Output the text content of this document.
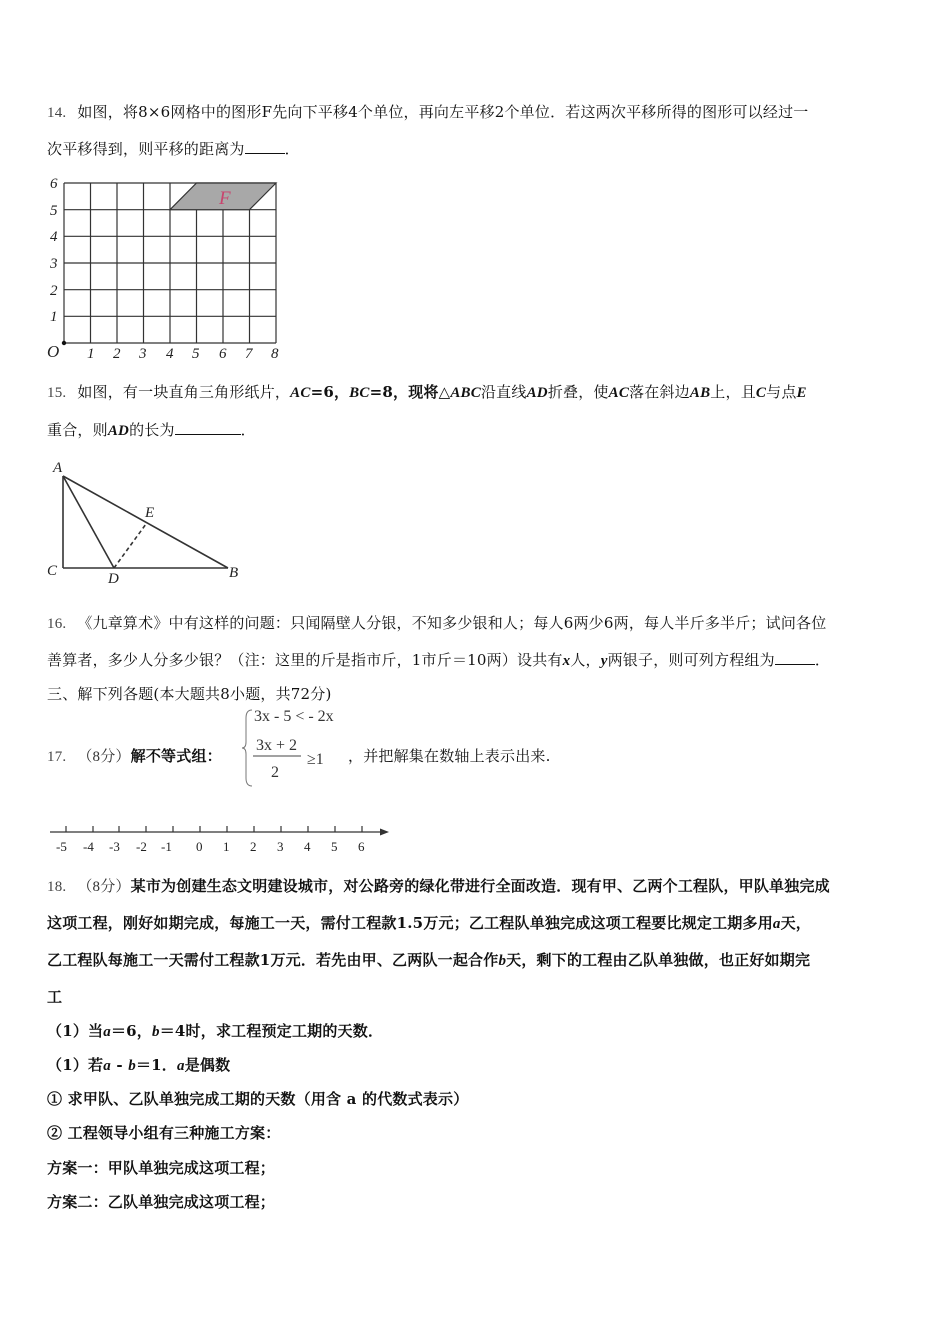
14. 如图，将8×6网格中的图形F先向下平移4个单位，再向左平移2个单位．若这两次平移所得的图形可以经过一
次平移得到，则平移的距离为	．
F
O 1 2 3 4 5 6 7 8
1
2
3
4
5
6
15. 如图，有一块直角三角形纸片，AC=6，BC=8，现将△ABC沿直线AD折叠，使AC落在斜边AB上，且C与点E
重合，则AD的长为	．
A
C	D	B
E
16. 《九章算术》中有这样的问题：只闻隔壁人分银，不知多少银和人；每人6两少6两，每人半斤多半斤；试问各位
善算者，多少人分多少银？（注：这里的斤是指市斤，1市斤＝10两）设共有x人，y两银子，则可列方程组为	．
三、解下列各题(本大题共8小题，共72分)
17. （8分）解不等式组：
3x - 5 < - 2x
3x + 2
2
≥1 ，并把解集在数轴上表示出来.
-5 -4 -3 -2 -1 0 1 2 3 4 5 6
18. （8分）某市为创建生态文明建设城市，对公路旁的绿化带进行全面改造．现有甲、乙两个工程队，甲队单独完成
这项工程，刚好如期完成，每施工一天，需付工程款1.5万元；乙工程队单独完成这项工程要比规定工期多用a天，
乙工程队每施工一天需付工程款1万元．若先由甲、乙两队一起合作b天，剩下的工程由乙队单独做，也正好如期完
工
（1）当a＝6，b＝4时，求工程预定工期的天数．
（1）若a - b＝1．a是偶数
① 求甲队、乙队单独完成工期的天数（用含 a 的代数式表示）
② 工程领导小组有三种施工方案：
方案一：甲队单独完成这项工程；
方案二：乙队单独完成这项工程；
